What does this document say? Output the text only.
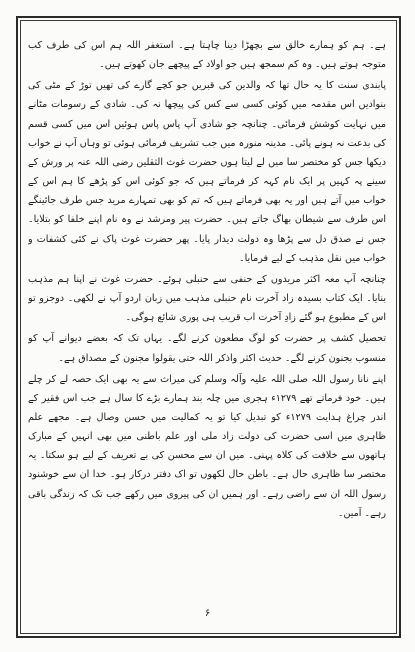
ہے۔ ہم کو ہمارے خالق سے بچھڑا دینا چاہتا ہے۔ استغفر اللہ ہم اس کی طرف کب متوجہ ہوتے ہیں۔ وہ کم سمجھ ہیں جو اولاد کے پیچھے جان کھوتے ہیں۔

پابندی سنت کا یہ حال تھا کہ والدین کی قبریں جو کچے گارے کی تھیں توڑ کے مٹی کی بنوادیں اس مقدمہ میں کوئی کسی سے کس کی پیچھا نہ کی۔ شادی کے رسومات مٹانے میں نہایت کوشش فرمائی۔ چنانچہ جو شادی آپ پاس پاس ہوئیں اس میں کسی قسم کی بدعت نہ ہونے پائی۔ مدینہ منورہ میں جب تشریف فرمائی ہوئی تو وہاں آپ نے خواب دیکھا جس کو مختصر سا میں لے لیتا ہوں حضرت غوث الثقلین رضی اللہ عنہ پر ورش کے سینے پہ کہیں پر ایک نام کہہ کر فرماتے ہیں کہ جو کوئی اس کو پڑھے کا ہم اس کے خواب میں آتے ہیں اور یہ بھی فرماتے ہیں کہ تم کو بھی تمہارے مرید جس طرف جائینگے اس طرف سے شیطان بھاگ جاتے ہیں۔ حضرت پیر ومرشد نے وہ نام اپنے خلفا کو بتلایا۔ جس نے صدق دل سے پڑھا وہ دولت دیدار پایا۔ پھر حضرت غوث پاک نے کئی کشفات و خواب میں نقل مذہب کے لیے فرمایا۔

چنانچہ آپ معہ اکثر مریدوں کے حنفی سے حنبلی ہوئے۔ حضرت غوث نے اپنا ہم مذہب بنایا۔ ایک کتاب بسیدہ زاد آخرت نام حنبلی مذہب میں زبان اردو آپ نے لکھی۔ دوجزو تو اس کے مطبوع ہو گئے زادِ آخرت اب قریب ہی پوری شائع ہوگی۔

تحصیل کشف پر حضرت کو لوگ مطعون کرنے لگے۔ یہاں تک کہ بعضے دیوانے آپ کو منسوب بجنون کرنے لگے۔ حدیث اکثر واذکر اللہ حتی یقولوا مجنون کے مصداق ہے۔

اپنے نانا رسول اللہ صلی اللہ علیہ وآلہ وسلم کی میراث سے یہ بھی ایک حصہ لے کر چلے ہیں۔ خود فرماتے تھے ۱۲۷۹ء ہجری میں چلہ بند ہمارے بڑے کا سال ہے جب اس فقیر کے اندر چراغ ہدایت ۱۲۷۹ء کو تبدیل کیا تو یہ کمالیت میں حسن وصال ہے۔ مجھے علم ظاہری میں اسی حضرت کی دولت زاد ملی اور علم باطنی میں بھی انہیں کے مبارک ہاتھوں سے خلافت کی کلاہ پہنی۔ میں ان سے محسن کی بے تعریف کے لیے ہو سکتا۔ یہ مختصر سا ظاہری حال ہے۔ باطن حال لکھوں تو اک دفتر درکار ہو۔ خدا ان سے خوشنود رسول اللہ ان سے راضی رہے۔ اور ہمیں ان کی پیروی میں رکھے جب تک کہ زندگی باقی رہے۔ آمین۔

۶
